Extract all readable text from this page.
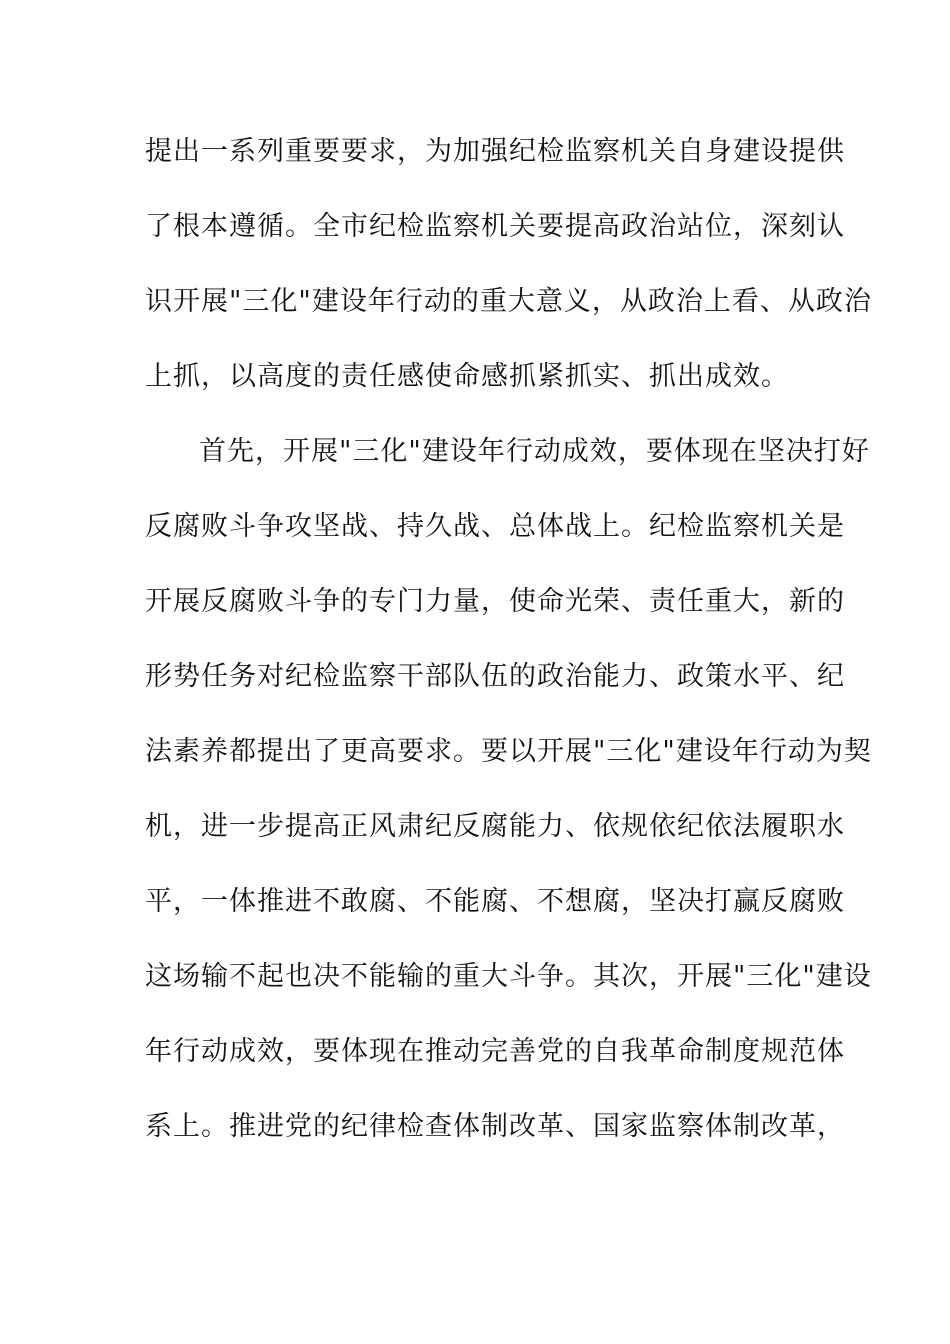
提出一系列重要要求，为加强纪检监察机关自身建设提供
了根本遵循。全市纪检监察机关要提高政治站位，深刻认
识开展"三化"建设年行动的重大意义，从政治上看、从政治
上抓，以高度的责任感使命感抓紧抓实、抓出成效。
首先，开展"三化"建设年行动成效，要体现在坚决打好
反腐败斗争攻坚战、持久战、总体战上。纪检监察机关是
开展反腐败斗争的专门力量，使命光荣、责任重大，新的
形势任务对纪检监察干部队伍的政治能力、政策水平、纪
法素养都提出了更高要求。要以开展"三化"建设年行动为契
机，进一步提高正风肃纪反腐能力、依规依纪依法履职水
平，一体推进不敢腐、不能腐、不想腐，坚决打赢反腐败
这场输不起也决不能输的重大斗争。其次，开展"三化"建设
年行动成效，要体现在推动完善党的自我革命制度规范体
系上。推进党的纪律检查体制改革、国家监察体制改革，
